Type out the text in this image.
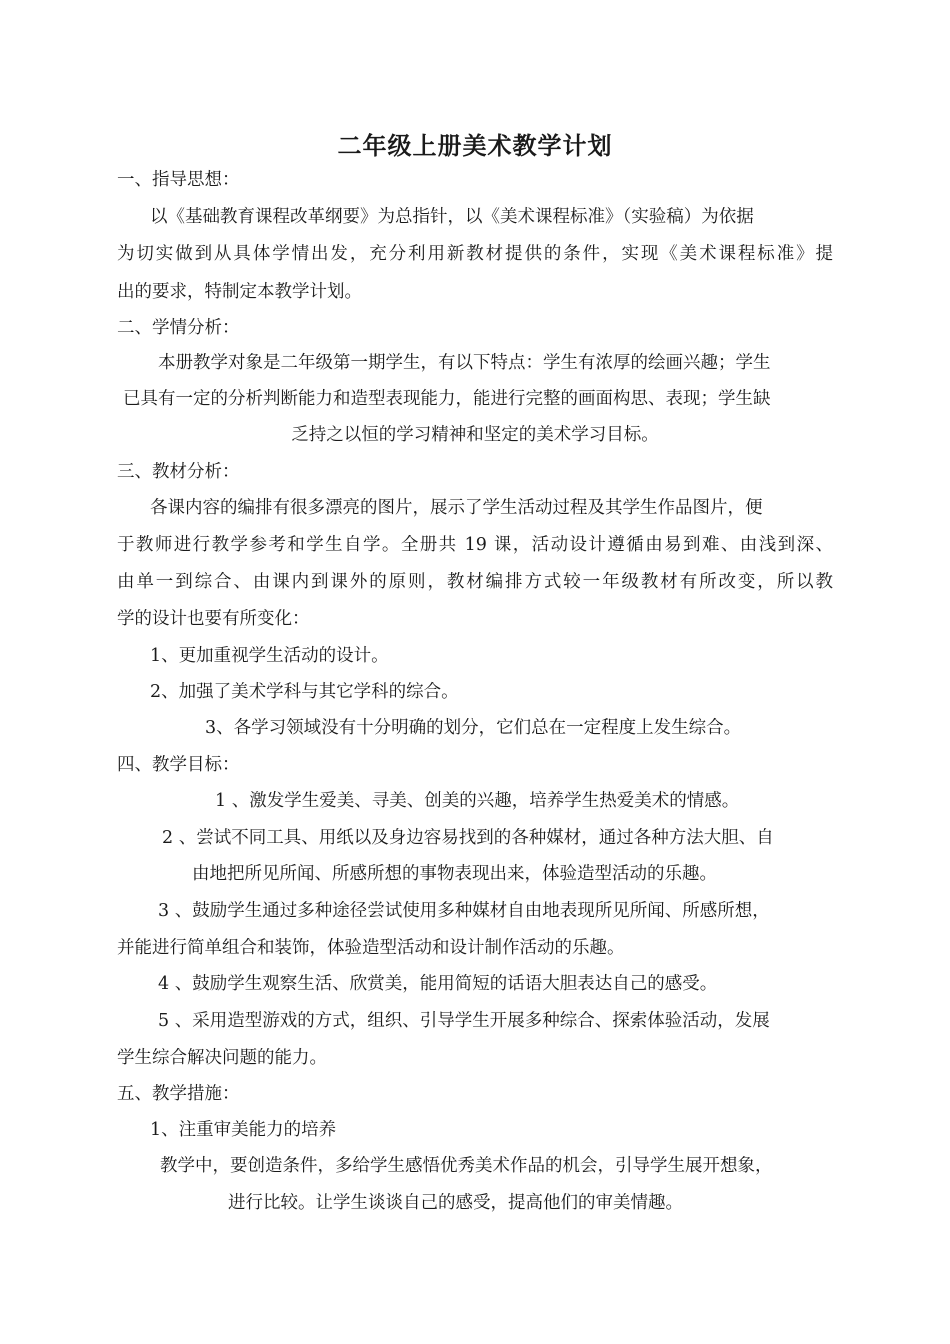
二年级上册美术教学计划
一、指导思想：
以《基础教育课程改革纲要》为总指针，以《美术课程标准》（实验稿）为依据
为切实做到从具体学情出发，充分利用新教材提供的条件，实现《美术课程标准》提
出的要求，特制定本教学计划。
二、学情分析：
本册教学对象是二年级第一期学生，有以下特点：学生有浓厚的绘画兴趣；学生
已具有一定的分析判断能力和造型表现能力，能进行完整的画面构思、表现；学生缺
乏持之以恒的学习精神和坚定的美术学习目标。
三、教材分析：
各课内容的编排有很多漂亮的图片，展示了学生活动过程及其学生作品图片，便
于教师进行教学参考和学生自学。全册共 19 课，活动设计遵循由易到难、由浅到深、
由单一到综合、由课内到课外的原则，教材编排方式较一年级教材有所改变，所以教
学的设计也要有所变化：
1、更加重视学生活动的设计。
2、加强了美术学科与其它学科的综合。
3、各学习领域没有十分明确的划分，它们总在一定程度上发生综合。
四、教学目标：
1 、激发学生爱美、寻美、创美的兴趣，培养学生热爱美术的情感。
2 、尝试不同工具、用纸以及身边容易找到的各种媒材，通过各种方法大胆、自
由地把所见所闻、所感所想的事物表现出来，体验造型活动的乐趣。
3 、鼓励学生通过多种途径尝试使用多种媒材自由地表现所见所闻、所感所想，
并能进行简单组合和装饰，体验造型活动和设计制作活动的乐趣。
4 、鼓励学生观察生活、欣赏美，能用简短的话语大胆表达自己的感受。
5 、采用造型游戏的方式，组织、引导学生开展多种综合、探索体验活动，发展
学生综合解决问题的能力。
五、教学措施：
1、注重审美能力的培养
教学中，要创造条件，多给学生感悟优秀美术作品的机会，引导学生展开想象，
进行比较。让学生谈谈自己的感受，提高他们的审美情趣。
